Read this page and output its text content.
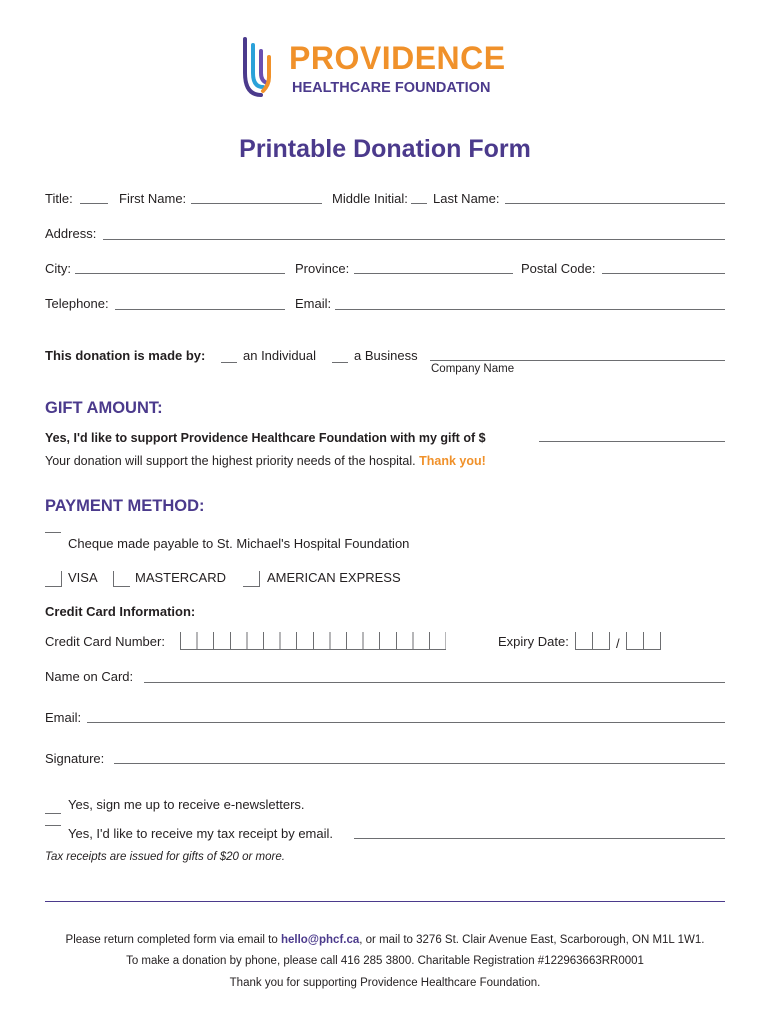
PROVIDENCE
HEALTHCARE FOUNDATION
Printable Donation Form
Title:	First Name:	Middle Initial: Last Name:
Address:
City:	Province:	Postal Code:
Telephone:	Email:
This donation is made by:	an Individual	a Business
Company Name
GIFT AMOUNT:
Yes, I'd like to support Providence Healthcare Foundation with my gift of $
Your donation will support the highest priority needs of the hospital. Thank you!
PAYMENT METHOD:
Cheque made payable to St. Michael's Hospital Foundation
VISA	MASTERCARD	AMERICAN EXPRESS
Credit Card Information:
Credit Card Number:	Expiry Date:	/
Name on Card:
Email:
Signature:
Yes, sign me up to receive e-newsletters.
Yes, I'd like to receive my tax receipt by email.
Tax receipts are issued for gifts of $20 or more.
Please return completed form via email to hello@phcf.ca, or mail to 3276 St. Clair Avenue East, Scarborough, ON M1L 1W1.
To make a donation by phone, please call 416 285 3800. Charitable Registration #122963663RR0001
Thank you for supporting Providence Healthcare Foundation.
